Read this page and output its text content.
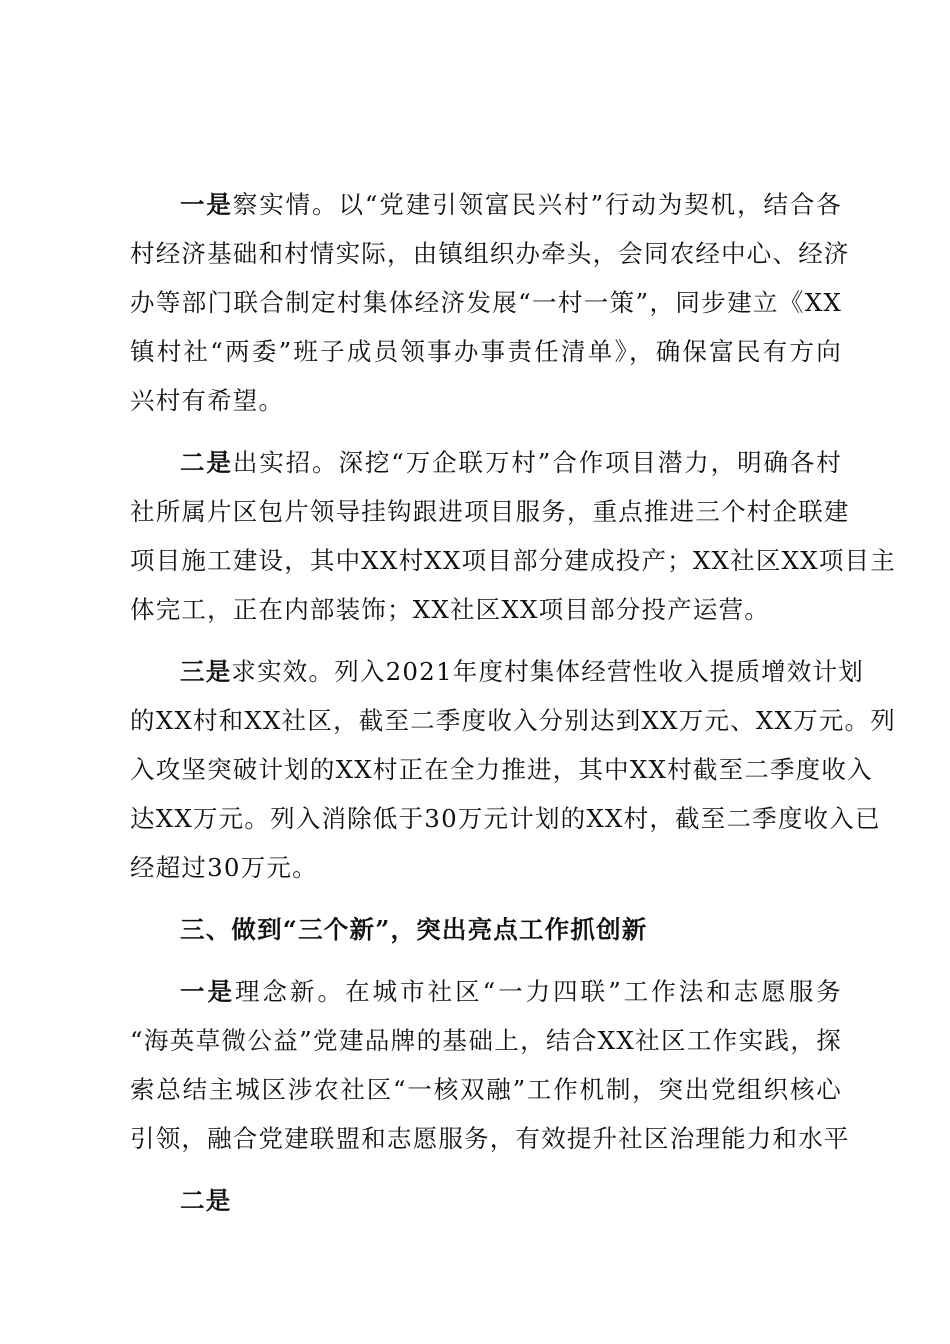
一是察实情。以“党建引领富民兴村”行动为契机，结合各
村经济基础和村情实际，由镇组织办牵头，会同农经中心、经济
办等部门联合制定村集体经济发展“一村一策”，同步建立《XX
镇村社“两委”班子成员领事办事责任清单》，确保富民有方向
兴村有希望。
二是出实招。深挖“万企联万村”合作项目潜力，明确各村
社所属片区包片领导挂钩跟进项目服务，重点推进三个村企联建
项目施工建设，其中XX村XX项目部分建成投产；XX社区XX项目主
体完工，正在内部装饰；XX社区XX项目部分投产运营。
三是求实效。列入2021年度村集体经营性收入提质增效计划
的XX村和XX社区，截至二季度收入分别达到XX万元、XX万元。列
入攻坚突破计划的XX村正在全力推进，其中XX村截至二季度收入
达XX万元。列入消除低于30万元计划的XX村，截至二季度收入已
经超过30万元。
三、做到“三个新”，突出亮点工作抓创新
一是理念新。在城市社区“一力四联”工作法和志愿服务
“海英草微公益”党建品牌的基础上，结合XX社区工作实践，探
索总结主城区涉农社区“一核双融”工作机制，突出党组织核心
引领，融合党建联盟和志愿服务，有效提升社区治理能力和水平
二是
